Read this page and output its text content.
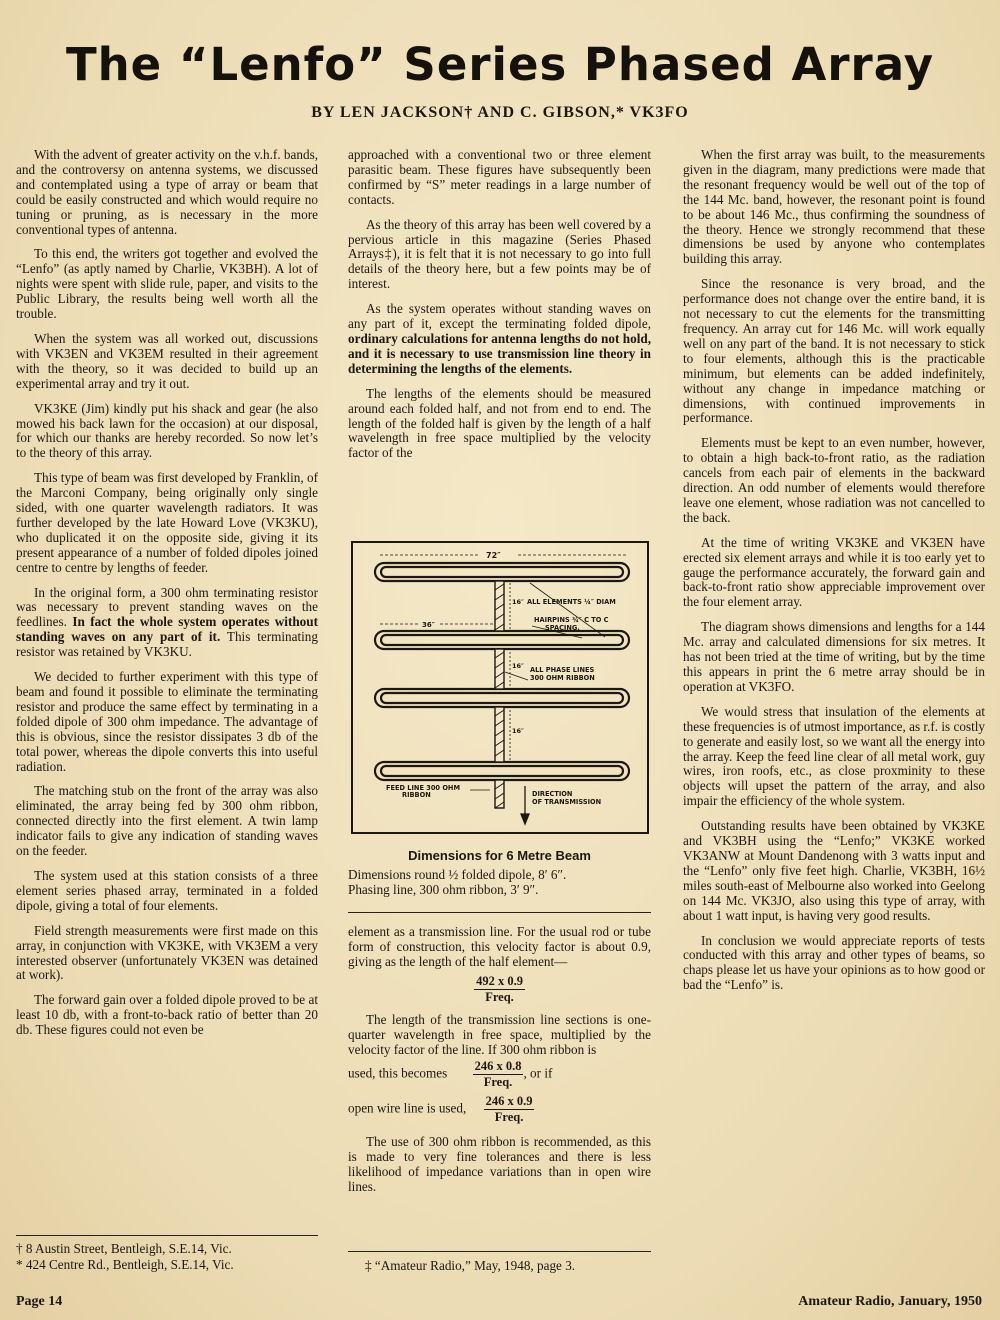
The “Lenfo” Series Phased Array
BY LEN JACKSON† AND C. GIBSON,* VK3FO

With the advent of greater activity on the v.h.f. bands, and the controversy on antenna systems, we discussed and contemplated using a type of array or beam that could be easily constructed and which would require no tuning or pruning, as is necessary in the more conventional types of antenna.

To this end, the writers got together and evolved the “Lenfo” (as aptly named by Charlie, VK3BH). A lot of nights were spent with slide rule, paper, and visits to the Public Library, the results being well worth all the trouble.

When the system was all worked out, discussions with VK3EN and VK3EM resulted in their agreement with the theory, so it was decided to build up an experimental array and try it out.

VK3KE (Jim) kindly put his shack and gear (he also mowed his back lawn for the occasion) at our disposal, for which our thanks are hereby recorded. So now let’s to the theory of this array.

This type of beam was first developed by Franklin, of the Marconi Company, being originally only single sided, with one quarter wavelength radiators. It was further developed by the late Howard Love (VK3KU), who duplicated it on the opposite side, giving it its present appearance of a number of folded dipoles joined centre to centre by lengths of feeder.

In the original form, a 300 ohm terminating resistor was necessary to prevent standing waves on the feedlines. In fact the whole system operates without standing waves on any part of it. This terminating resistor was retained by VK3KU.

We decided to further experiment with this type of beam and found it possible to eliminate the terminating resistor and produce the same effect by terminating in a folded dipole of 300 ohm impedance. The advantage of this is obvious, since the resistor dissipates 3 db of the total power, whereas the dipole converts this into useful radiation.

The matching stub on the front of the array was also eliminated, the array being fed by 300 ohm ribbon, connected directly into the first element. A twin lamp indicator fails to give any indication of standing waves on the feeder.

The system used at this station consists of a three element series phased array, terminated in a folded dipole, giving a total of four elements.

Field strength measurements were first made on this array, in conjunction with VK3KE, with VK3EM a very interested observer (unfortunately VK3EN was detained at work).

The forward gain over a folded dipole proved to be at least 10 db, with a front-to-back ratio of better than 20 db. These figures could not even be

† 8 Austin Street, Bentleigh, S.E.14, Vic.
* 424 Centre Rd., Bentleigh, S.E.14, Vic.

approached with a conventional two or three element parasitic beam. These figures have subsequently been confirmed by “S” meter readings in a large number of contacts.

As the theory of this array has been well covered by a pervious article in this magazine (Series Phased Arrays‡), it is felt that it is not necessary to go into full details of the theory here, but a few points may be of interest.

As the system operates without standing waves on any part of it, except the terminating folded dipole, ordinary calculations for antenna lengths do not hold, and it is necessary to use transmission line theory in determining the lengths of the elements.

The lengths of the elements should be measured around each folded half, and not from end to end. The length of the folded half is given by the length of a half wavelength in free space multiplied by the velocity factor of the

72″
36″
16″
16″
16″
ALL ELEMENTS ¼″ DIAM
HAIRPINS ¾″ C TO C
SPACING.
ALL PHASE LINES
300 OHM RIBBON
FEED LINE 300 OHM
RIBBON	DIRECTION
OF TRANSMISSION
Dimensions for 6 Metre Beam
Dimensions round ½ folded dipole, 8′ 6″.
Phasing line, 300 ohm ribbon, 3′ 9″.

element as a transmission line. For the usual rod or tube form of construction, this velocity factor is about 0.9, giving as the length of the half element—

$\frac{492 x 0.9}{\text{Freq.}}$

The length of the transmission line sections is one-quarter wavelength in free space, multiplied by the velocity factor of the line. If 300 ohm ribbon is

used, this becomes $\frac{246 x 0.8}{\text{Freq.}}$ , or if
open wire line is used, $\frac{246 x 0.9}{\text{Freq.}}$

The use of 300 ohm ribbon is recommended, as this is made to very fine tolerances and there is less likelihood of impedance variations than in open wire lines.

‡ “Amateur Radio,” May, 1948, page 3.

When the first array was built, to the measurements given in the diagram, many predictions were made that the resonant frequency would be well out of the top of the 144 Mc. band, however, the resonant point is found to be about 146 Mc., thus confirming the soundness of the theory. Hence we strongly recommend that these dimensions be used by anyone who contemplates building this array.

Since the resonance is very broad, and the performance does not change over the entire band, it is not necessary to cut the elements for the transmitting frequency. An array cut for 146 Mc. will work equally well on any part of the band. It is not necessary to stick to four elements, although this is the practicable minimum, but elements can be added indefinitely, without any change in impedance matching or dimensions, with continued improvements in performance.

Elements must be kept to an even number, however, to obtain a high back-to-front ratio, as the radiation cancels from each pair of elements in the backward direction. An odd number of elements would therefore leave one element, whose radiation was not cancelled to the back.

At the time of writing VK3KE and VK3EN have erected six element arrays and while it is too early yet to gauge the performance accurately, the forward gain and back-to-front ratio show appreciable improvement over the four element array.

The diagram shows dimensions and lengths for a 144 Mc. array and calculated dimensions for six metres. It has not been tried at the time of writing, but by the time this appears in print the 6 metre array should be in operation at VK3FO.

We would stress that insulation of the elements at these frequencies is of utmost importance, as r.f. is costly to generate and easily lost, so we want all the energy into the array. Keep the feed line clear of all metal work, guy wires, iron roofs, etc., as close proxminity to these objects will upset the pattern of the array, and also impair the efficiency of the whole system.

Outstanding results have been obtained by VK3KE and VK3BH using the “Lenfo;” VK3KE worked VK3ANW at Mount Dandenong with 3 watts input and the “Lenfo” only five feet high. Charlie, VK3BH, 16½ miles south-east of Melbourne also worked into Geelong on 144 Mc. VK3JO, also using this type of array, with about 1 watt input, is having very good results.

In conclusion we would appreciate reports of tests conducted with this array and other types of beams, so chaps please let us have your opinions as to how good or bad the “Lenfo” is.

Page 14	Amateur Radio, January, 1950
